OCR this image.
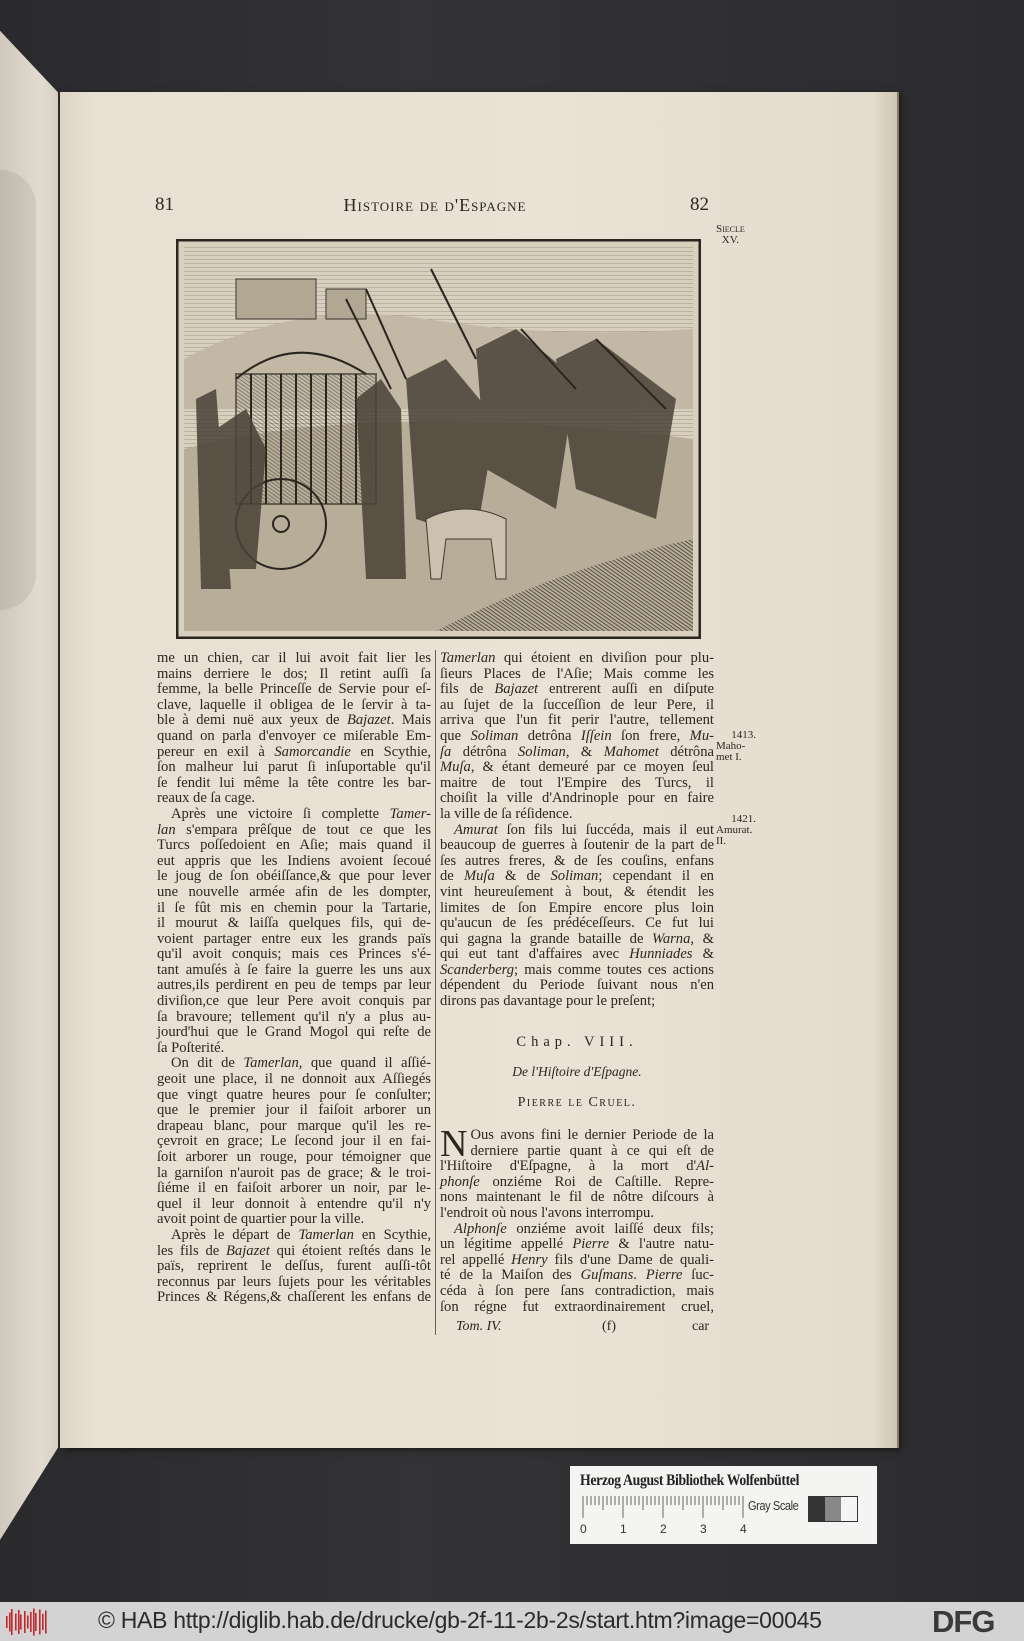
81	Histoire de d'Espagne	82
Siecle
XV.
me un chien, car il lui avoit fait lier les
mains derriere le dos; Il retint auſſi ſa
femme, la belle Princeſſe de Servie pour eſ-
clave, laquelle il obligea de le ſervir à ta-
ble à demi nuë aux yeux de Bajazet. Mais
quand on parla d'envoyer ce miſerable Em-
pereur en exil à Samorcandie en Scythie,
ſon malheur lui parut ſi inſuportable qu'il
ſe fendit lui même la tête contre les bar-
reaux de ſa cage.
Après une victoire ſi complette Tamer-
lan s'empara prêſque de tout ce que les
Turcs poſſedoient en Aſie; mais quand il
eut appris que les Indiens avoient ſecoué
le joug de ſon obéiſſance,& que pour lever
une nouvelle armée afin de les dompter,
il ſe fût mis en chemin pour la Tartarie,
il mourut & laiſſa quelques fils, qui de-
voient partager entre eux les grands païs
qu'il avoit conquis; mais ces Princes s'é-
tant amuſés à ſe faire la guerre les uns aux
autres,ils perdirent en peu de temps par leur
diviſion,ce que leur Pere avoit conquis par
ſa bravoure; tellement qu'il n'y a plus au-
jourd'hui que le Grand Mogol qui reſte de
ſa Poſterité.
On dit de Tamerlan, que quand il aſſié-
geoit une place, il ne donnoit aux Aſſiegés
que vingt quatre heures pour ſe conſulter;
que le premier jour il faiſoit arborer un
drapeau blanc, pour marque qu'il les re-
çevroit en grace; Le ſecond jour il en fai-
ſoit arborer un rouge, pour témoigner que
la garniſon n'auroit pas de grace; & le troi-
ſiéme il en faiſoit arborer un noir, par le-
quel il leur donnoit à entendre qu'il n'y
avoit point de quartier pour la ville.
Après le départ de Tamerlan en Scythie,
les fils de Bajazet qui étoient reſtés dans le
païs, reprirent le deſſus, furent auſſi-tôt
reconnus par leurs ſujets pour les véritables
Princes & Régens,& chaſſerent les enfans de
Tamerlan qui étoient en diviſion pour plu-
ſieurs Places de l'Aſie; Mais comme les
fils de Bajazet entrerent auſſi en diſpute
au ſujet de la ſucceſſion de leur Pere, il
arriva que l'un fit perir l'autre, tellement
que Soliman detrôna Iſſein ſon frere, Mu-
ſa détrôna Soliman, & Mahomet détrôna
Muſa, & étant demeuré par ce moyen ſeul
maitre de tout l'Empire des Turcs, il
choiſit la ville d'Andrinople pour en faire
la ville de ſa réſidence.
Amurat ſon fils lui ſuccéda, mais il eut
beaucoup de guerres à ſoutenir de la part de
ſes autres freres, & de ſes couſins, enfans
de Muſa & de Soliman; cependant il en
vint heureuſement à bout, & étendit les
limites de ſon Empire encore plus loin
qu'aucun de ſes prédéceſſeurs. Ce fut lui
qui gagna la grande bataille de Warna, &
qui eut tant d'affaires avec Hunniades &
Scanderberg; mais comme toutes ces actions
dépendent du Periode ſuivant nous n'en
dirons pas davantage pour le preſent;
Chap. VIII.
De l'Hiſtoire d'Eſpagne.
Pierre le Cruel.
N Ous avons fini le dernier Periode de la
derniere partie quant à ce qui eſt de
l'Hiſtoire d'Eſpagne, à la mort d'Al-
phonſe onziéme Roi de Caſtille. Repre-
nons maintenant le fil de nôtre diſcours à
l'endroit où nous l'avons interrompu.
Alphonſe onziéme avoit laiſſé deux fils;
un légitime appellé Pierre & l'autre natu-
rel appellé Henry fils d'une Dame de quali-
té de la Maiſon des Guſmans. Pierre ſuc-
céda à ſon pere ſans contradiction, mais
ſon régne fut extraordinairement cruel,
1413.
Maho-
met I.
1421.
Amurat.
II.
Tom. IV.	(f)	car
Herzog August Bibliothek Wolfenbüttel
0	1	2	3	4
Gray Scale
© HAB http://diglib.hab.de/drucke/gb-2f-11-2b-2s/start.htm?image=00045	DFG
